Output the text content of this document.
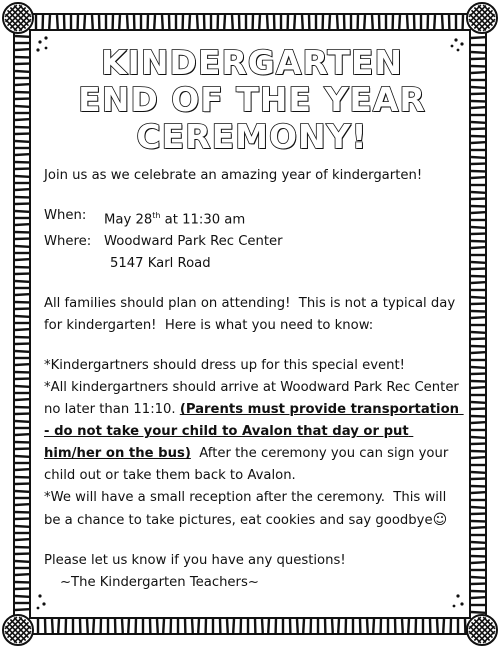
KINDERGARTEN
END OF THE YEAR
CEREMONY!

Join us as we celebrate an amazing year of kindergarten!

When:	May 28th at 11:30 am
Where: Woodward Park Rec Center
5147 Karl Road

All families should plan on attending!  This is not a typical day for kindergarten!  Here is what you need to know:

*Kindergartners should dress up for this special event!

*All kindergartners should arrive at Woodward Park Rec Center no later than 11:10. (Parents must provide transportation - do not take your child to Avalon that day or put him/her on the bus)  After the ceremony you can sign your child out or take them back to Avalon.

*We will have a small reception after the ceremony.  This will be a chance to take pictures, eat cookies and say goodbye☺

Please let us know if you have any questions!

~The Kindergarten Teachers~
